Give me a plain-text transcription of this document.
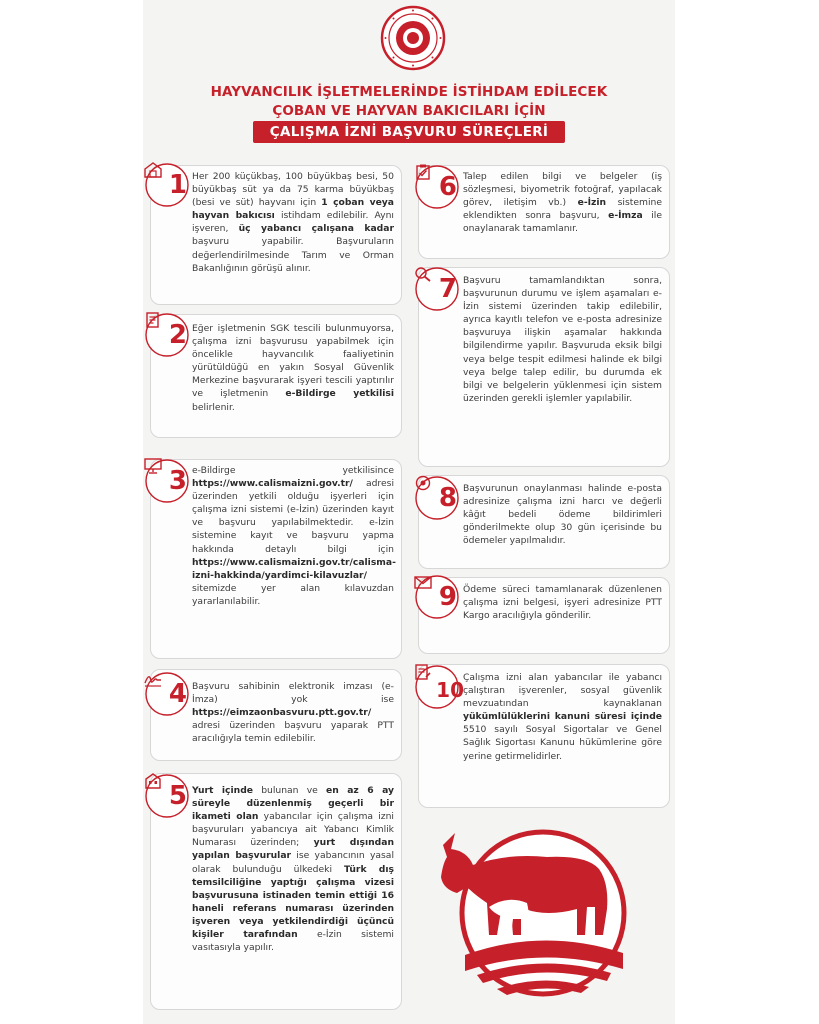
HAYVANCILIK İŞLETMELERİNDE İSTİHDAM EDİLECEK
ÇOBAN VE HAYVAN BAKICILARI İÇİN
ÇALIŞMA İZNİ BAŞVURU SÜREÇLERİ

Her 200 küçükbaş, 100 büyükbaş besi, 50 büyükbaş süt ya da 75 karma büyükbaş (besi ve süt) hayvanı için 1 çoban veya hayvan bakıcısı istihdam edilebilir. Aynı işveren, üç yabancı çalışana kadar başvuru yapabilir. Başvuruların değerlendirilmesinde Tarım ve Orman Bakanlığının görüşü alınır.

Eğer işletmenin SGK tescili bulunmuyorsa, çalışma izni başvurusu yapabilmek için öncelikle hayvancılık faaliyetinin yürütüldüğü en yakın Sosyal Güvenlik Merkezine başvurarak işyeri tescili yaptırılır ve işletmenin e-Bildirge yetkilisi belirlenir.

e-Bildirge yetkilisince https://www.calismaizni.gov.tr/ adresi üzerinden yetkili olduğu işyerleri için çalışma izni sistemi (e-İzin) üzerinden kayıt ve başvuru yapılabilmektedir. e-İzin sistemine kayıt ve başvuru yapma hakkında detaylı bilgi için https://www.calismaizni.gov.tr/calisma-izni-hakkinda/yardimci-kilavuzlar/ sitemizde yer alan kılavuzdan yararlanılabilir.

Başvuru sahibinin elektronik imzası (e-İmza) yok ise https://eimzaonbasvuru.ptt.gov.tr/ adresi üzerinden başvuru yaparak PTT aracılığıyla temin edilebilir.

Yurt içinde bulunan ve en az 6 ay süreyle düzenlenmiş geçerli bir ikameti olan yabancılar için çalışma izni başvuruları yabancıya ait Yabancı Kimlik Numarası üzerinden; yurt dışından yapılan başvurular ise yabancının yasal olarak bulunduğu ülkedeki Türk dış temsilciliğine yaptığı çalışma vizesi başvurusuna istinaden temin ettiği 16 haneli referans numarası üzerinden işveren veya yetkilendirdiği üçüncü kişiler tarafından e-İzin sistemi vasıtasıyla yapılır.

Talep edilen bilgi ve belgeler (iş sözleşmesi, biyometrik fotoğraf, yapılacak görev, iletişim vb.) e-İzin sistemine eklendikten sonra başvuru, e-İmza ile onaylanarak tamamlanır.

Başvuru tamamlandıktan sonra, başvurunun durumu ve işlem aşamaları e-İzin sistemi üzerinden takip edilebilir, ayrıca kayıtlı telefon ve e-posta adresinize başvuruya ilişkin aşamalar hakkında bilgilendirme yapılır. Başvuruda eksik bilgi veya belge tespit edilmesi halinde ek bilgi veya belge talep edilir, bu durumda ek bilgi ve belgelerin yüklenmesi için sistem üzerinden gerekli işlemler yapılabilir.

Başvurunun onaylanması halinde e-posta adresinize çalışma izni harcı ve değerli kâğıt bedeli ödeme bildirimleri gönderilmekte olup 30 gün içerisinde bu ödemeler yapılmalıdır.

Ödeme süreci tamamlanarak düzenlenen çalışma izni belgesi, işyeri adresinize PTT Kargo aracılığıyla gönderilir.

Çalışma izni alan yabancılar ile yabancı çalıştıran işverenler, sosyal güvenlik mevzuatından kaynaklanan yükümlülüklerini kanuni süresi içinde 5510 sayılı Sosyal Sigortalar ve Genel Sağlık Sigortası Kanunu hükümlerine göre yerine getirmelidirler.

1
2
3
4
5
6
7
8
9
10
